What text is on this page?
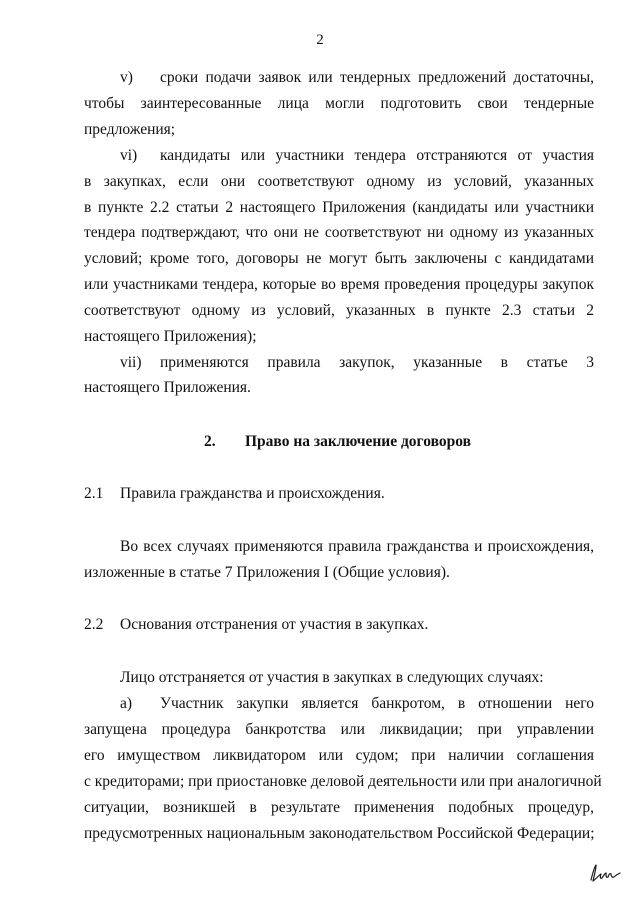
2
v) сроки подачи заявок или тендерных предложений достаточны,
чтобы заинтересованные лица могли подготовить свои тендерные
предложения;
vi) кандидаты или участники тендера отстраняются от участия
в закупках, если они соответствуют одному из условий, указанных
в пункте 2.2 статьи 2 настоящего Приложения (кандидаты или участники
тендера подтверждают, что они не соответствуют ни одному из указанных
условий; кроме того, договоры не могут быть заключены с кандидатами
или участниками тендера, которые во время проведения процедуры закупок
соответствуют одному из условий, указанных в пункте 2.3 статьи 2
настоящего Приложения);
vii) применяются правила закупок, указанные в статье 3
настоящего Приложения.
2. Право на заключение договоров
2.1 Правила гражданства и происхождения.
Во всех случаях применяются правила гражданства и происхождения,
изложенные в статье 7 Приложения I (Общие условия).
2.2 Основания отстранения от участия в закупках.
Лицо отстраняется от участия в закупках в следующих случаях:
а) Участник закупки является банкротом, в отношении него
запущена процедура банкротства или ликвидации; при управлении
его имуществом ликвидатором или судом; при наличии соглашения
с кредиторами; при приостановке деловой деятельности или при аналогичной
ситуации, возникшей в результате применения подобных процедур,
предусмотренных национальным законодательством Российской Федерации;
